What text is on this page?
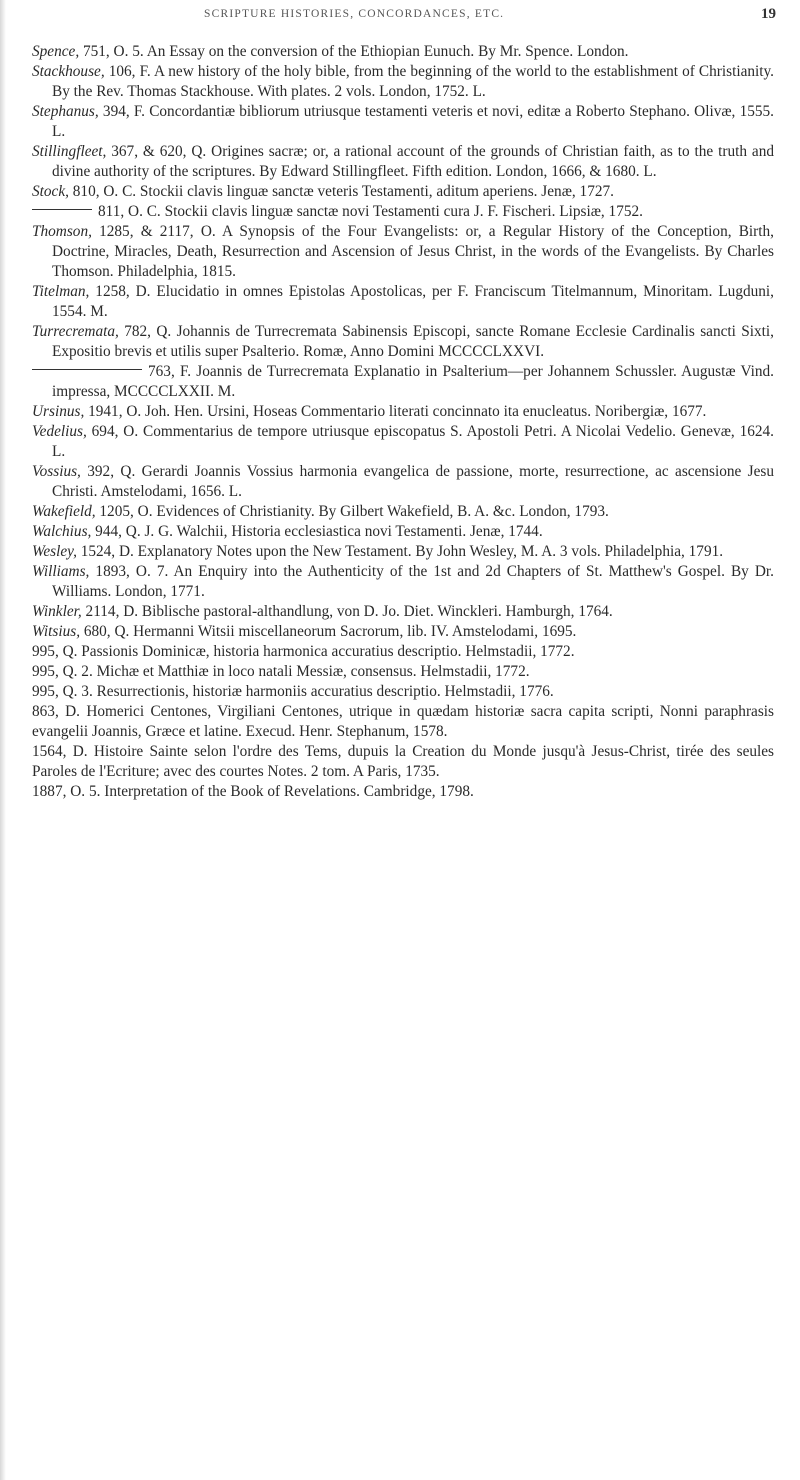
SCRIPTURE HISTORIES, CONCORDANCES, ETC.	19

Spence, 751, O. 5. An Essay on the conversion of the Ethiopian Eunuch. By Mr. Spence. London.

Stackhouse, 106, F. A new history of the holy bible, from the beginning of the world to the establishment of Christianity. By the Rev. Thomas Stackhouse. With plates. 2 vols. London, 1752. L.

Stephanus, 394, F. Concordantiæ bibliorum utriusque testamenti veteris et novi, editæ a Roberto Stephano. Olivæ, 1555. L.

Stillingfleet, 367, & 620, Q. Origines sacræ; or, a rational account of the grounds of Christian faith, as to the truth and divine authority of the scriptures. By Edward Stillingfleet. Fifth edition. London, 1666, & 1680. L.

Stock, 810, O. C. Stockii clavis linguæ sanctæ veteris Testamenti, aditum aperiens. Jenæ, 1727.

811, O. C. Stockii clavis linguæ sanctæ novi Testamenti cura J. F. Fischeri. Lipsiæ, 1752.

Thomson, 1285, & 2117, O. A Synopsis of the Four Evangelists: or, a Regular History of the Conception, Birth, Doctrine, Miracles, Death, Resurrection and Ascension of Jesus Christ, in the words of the Evangelists. By Charles Thomson. Philadelphia, 1815.

Titelman, 1258, D. Elucidatio in omnes Epistolas Apostolicas, per F. Franciscum Titelmannum, Minoritam. Lugduni, 1554. M.

Turrecremata, 782, Q. Johannis de Turrecremata Sabinensis Episcopi, sancte Romane Ecclesie Cardinalis sancti Sixti, Expositio brevis et utilis super Psalterio. Romæ, Anno Domini MCCCCLXXVI.

763, F. Joannis de Turrecremata Explanatio in Psalterium—per Johannem Schussler. Augustæ Vind. impressa, MCCCCLXXII. M.

Ursinus, 1941, O. Joh. Hen. Ursini, Hoseas Commentario literati concinnato ita enucleatus. Noribergiæ, 1677.

Vedelius, 694, O. Commentarius de tempore utriusque episcopatus S. Apostoli Petri. A Nicolai Vedelio. Genevæ, 1624. L.

Vossius, 392, Q. Gerardi Joannis Vossius harmonia evangelica de passione, morte, resurrectione, ac ascensione Jesu Christi. Amstelodami, 1656. L.

Wakefield, 1205, O. Evidences of Christianity. By Gilbert Wakefield, B. A. &c. London, 1793.

Walchius, 944, Q. J. G. Walchii, Historia ecclesiastica novi Testamenti. Jenæ, 1744.

Wesley, 1524, D. Explanatory Notes upon the New Testament. By John Wesley, M. A. 3 vols. Philadelphia, 1791.

Williams, 1893, O. 7. An Enquiry into the Authenticity of the 1st and 2d Chapters of St. Matthew's Gospel. By Dr. Williams. London, 1771.

Winkler, 2114, D. Biblische pastoral-althandlung, von D. Jo. Diet. Winckleri. Hamburgh, 1764.

Witsius, 680, Q. Hermanni Witsii miscellaneorum Sacrorum, lib. IV. Amstelodami, 1695.

995, Q. Passionis Dominicæ, historia harmonica accuratius descriptio. Helmstadii, 1772.

995, Q. 2. Michæ et Matthiæ in loco natali Messiæ, consensus. Helmstadii, 1772.

995, Q. 3. Resurrectionis, historiæ harmoniis accuratius descriptio. Helmstadii, 1776.

863, D. Homerici Centones, Virgiliani Centones, utrique in quædam historiæ sacra capita scripti, Nonni paraphrasis evangelii Joannis, Græce et latine. Execud. Henr. Stephanum, 1578.

1564, D. Histoire Sainte selon l'ordre des Tems, dupuis la Creation du Monde jusqu'à Jesus-Christ, tirée des seules Paroles de l'Ecriture; avec des courtes Notes. 2 tom. A Paris, 1735.

1887, O. 5. Interpretation of the Book of Revelations. Cambridge, 1798.
